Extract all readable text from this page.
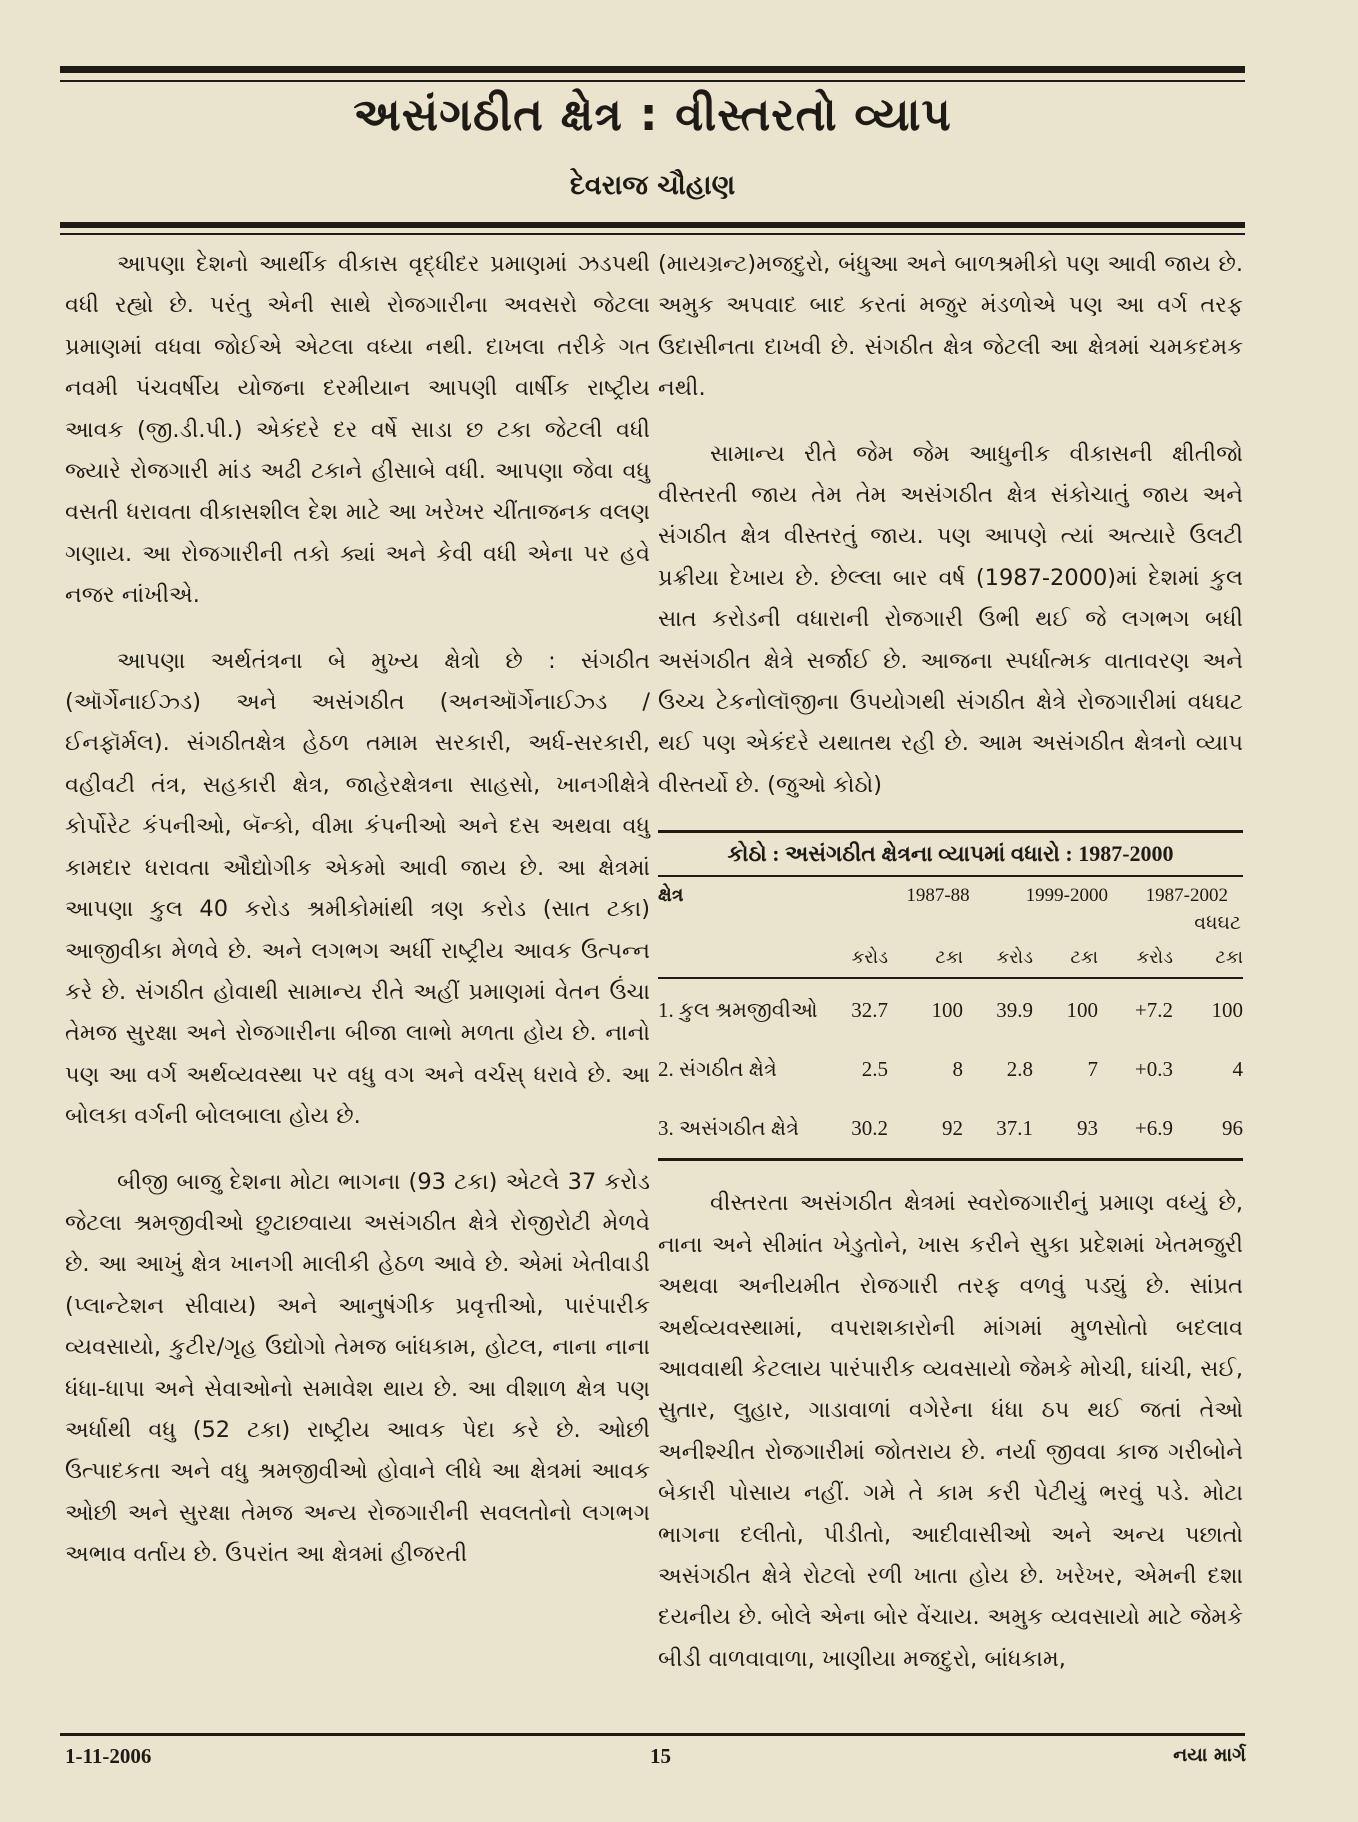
અસંગઠીત ક્ષેત્ર : વીસ્તરતો વ્યાપ
દેવરાજ ચૌહાણ

આપણા દેશનો આર્થીક વીકાસ વૃદ્ધીદર પ્રમાણમાં ઝડપથી વધી રહ્યો છે. પરંતુ એની સાથે રોજગારીના અવસરો જેટલા પ્રમાણમાં વધવા જોઈએ એટલા વધ્યા નથી. દાખલા તરીકે ગત નવમી પંચવર્ષીય યોજના દરમીયાન આપણી વાર્ષીક રાષ્ટ્રીય આવક (જી.ડી.પી.) એકંદરે દર વર્ષે સાડા છ ટકા જેટલી વધી જ્યારે રોજગારી માંડ અઢી ટકાને હીસાબે વધી. આપણા જેવા વધુ વસતી ધરાવતા વીકાસશીલ દેશ માટે આ ખરેખર ચીંતાજનક વલણ ગણાય. આ રોજગારીની તકો ક્યાં અને કેવી વધી એના પર હવે નજર નાંખીએ.

આપણા અર્થતંત્રના બે મુખ્ય ક્ષેત્રો છે : સંગઠીત (ઑર્ગેનાઈઝ્ડ) અને અસંગઠીત (અનઑર્ગેનાઈઝ્ડ / ઈનફૉર્મલ). સંગઠીતક્ષેત્ર હેઠળ તમામ સરકારી, અર્ધ-સરકારી, વહીવટી તંત્ર, સહકારી ક્ષેત્ર, જાહેરક્ષેત્રના સાહસો, ખાનગીક્ષેત્રે કોર્પોરેટ કંપનીઓ, બૅન્કો, વીમા કંપનીઓ અને દસ અથવા વધુ કામદાર ધરાવતા ઔદ્યોગીક એકમો આવી જાય છે. આ ક્ષેત્રમાં આપણા કુલ 40 કરોડ શ્રમીકોમાંથી ત્રણ કરોડ (સાત ટકા) આજીવીકા મેળવે છે. અને લગભગ અર્ધી રાષ્ટ્રીય આવક ઉત્પન્ન કરે છે. સંગઠીત હોવાથી સામાન્ય રીતે અહીં પ્રમાણમાં વેતન ઉંચા તેમજ સુરક્ષા અને રોજગારીના બીજા લાભો મળતા હોય છે. નાનો પણ આ વર્ગ અર્થવ્યવસ્થા પર વધુ વગ અને વર્ચસ્ ધરાવે છે. આ બોલકા વર્ગની બોલબાલા હોય છે.

બીજી બાજુ દેશના મોટા ભાગના (93 ટકા) એટલે 37 કરોડ જેટલા શ્રમજીવીઓ છુટાછવાયા અસંગઠીત ક્ષેત્રે રોજીરોટી મેળવે છે. આ આખું ક્ષેત્ર ખાનગી માલીકી હેઠળ આવે છે. એમાં ખેતીવાડી (પ્લાન્ટેશન સીવાય) અને આનુષંગીક પ્રવૃત્તીઓ, પારંપારીક વ્યવસાયો, કુટીર/ગૃહ ઉદ્યોગો તેમજ બાંધકામ, હોટલ, નાના નાના ધંધા-ધાપા અને સેવાઓનો સમાવેશ થાય છે. આ વીશાળ ક્ષેત્ર પણ અર્ધાથી વધુ (52 ટકા) રાષ્ટ્રીય આવક પેદા કરે છે. ઓછી ઉત્પાદકતા અને વધુ શ્રમજીવીઓ હોવાને લીધે આ ક્ષેત્રમાં આવક ઓછી અને સુરક્ષા તેમજ અન્ય રોજગારીની સવલતોનો લગભગ અભાવ વર્તાય છે. ઉપરાંત આ ક્ષેત્રમાં હીજરતી

(માયગ્રન્ટ)મજદુરો, બંધુઆ અને બાળશ્રમીકો પણ આવી જાય છે. અમુક અપવાદ બાદ કરતાં મજુર મંડળોએ પણ આ વર્ગ તરફ ઉદાસીનતા દાખવી છે. સંગઠીત ક્ષેત્ર જેટલી આ ક્ષેત્રમાં ચમકદમક નથી.

સામાન્ય રીતે જેમ જેમ આધુનીક વીકાસની ક્ષીતીજો વીસ્તરતી જાય તેમ તેમ અસંગઠીત ક્ષેત્ર સંકોચાતું જાય અને સંગઠીત ક્ષેત્ર વીસ્તરતું જાય. પણ આપણે ત્યાં અત્યારે ઉલટી પ્રક્રીયા દેખાય છે. છેલ્લા બાર વર્ષ (1987-2000)માં દેશમાં કુલ સાત કરોડની વધારાની રોજગારી ઉભી થઈ જે લગભગ બધી અસંગઠીત ક્ષેત્રે સર્જાઈ છે. આજના સ્પર્ધાત્મક વાતાવરણ અને ઉચ્ચ ટેકનોલૉજીના ઉપયોગથી સંગઠીત ક્ષેત્રે રોજગારીમાં વધઘટ થઈ પણ એકંદરે યથાતથ રહી છે. આમ અસંગઠીત ક્ષેત્રનો વ્યાપ વીસ્તર્યો છે. (જુઓ કોઠો)

કોઠો : અસંગઠીત ક્ષેત્રના વ્યાપમાં વધારો : 1987-2000
ક્ષેત્ર	1987-88	1999-2000	1987-2002
વધઘટ
કરોડ	ટકા	કરોડ	ટકા	કરોડ	ટકા
1. કુલ શ્રમજીવીઓ	32.7	100	39.9	100	+7.2	100
2. સંગઠીત ક્ષેત્રે	2.5	8	2.8	7	+0.3	4
3. અસંગઠીત ક્ષેત્રે	30.2	92	37.1	93	+6.9	96

વીસ્તરતા અસંગઠીત ક્ષેત્રમાં સ્વરોજગારીનું પ્રમાણ વધ્યું છે, નાના અને સીમાંત ખેડુતોને, ખાસ કરીને સુકા પ્રદેશમાં ખેતમજુરી અથવા અનીયમીત રોજગારી તરફ વળવું પડ્યું છે. સાંપ્રત અર્થવ્યવસ્થામાં, વપરાશકારોની માંગમાં મુળસોતો બદલાવ આવવાથી કેટલાય પારંપારીક વ્યવસાયો જેમકે મોચી, ઘાંચી, સઈ, સુતાર, લુહાર, ગાડાવાળાં વગેરેના ધંધા ઠપ થઈ જતાં તેઓ અનીશ્ચીત રોજગારીમાં જોતરાય છે. નર્યા જીવવા કાજ ગરીબોને બેકારી પોસાય નહીં. ગમે તે કામ કરી પેટીયું ભરવું પડે. મોટા ભાગના દલીતો, પીડીતો, આદીવાસીઓ અને અન્ય પછાતો અસંગઠીત ક્ષેત્રે રોટલો રળી ખાતા હોય છે. ખરેખર, એમની દશા દયનીય છે. બોલે એના બોર વેંચાય. અમુક વ્યવસાયો માટે જેમકે બીડી વાળવાવાળા, ખાણીયા મજદુરો, બાંધકામ,

1-11-2006	15	નયા માર્ગ
